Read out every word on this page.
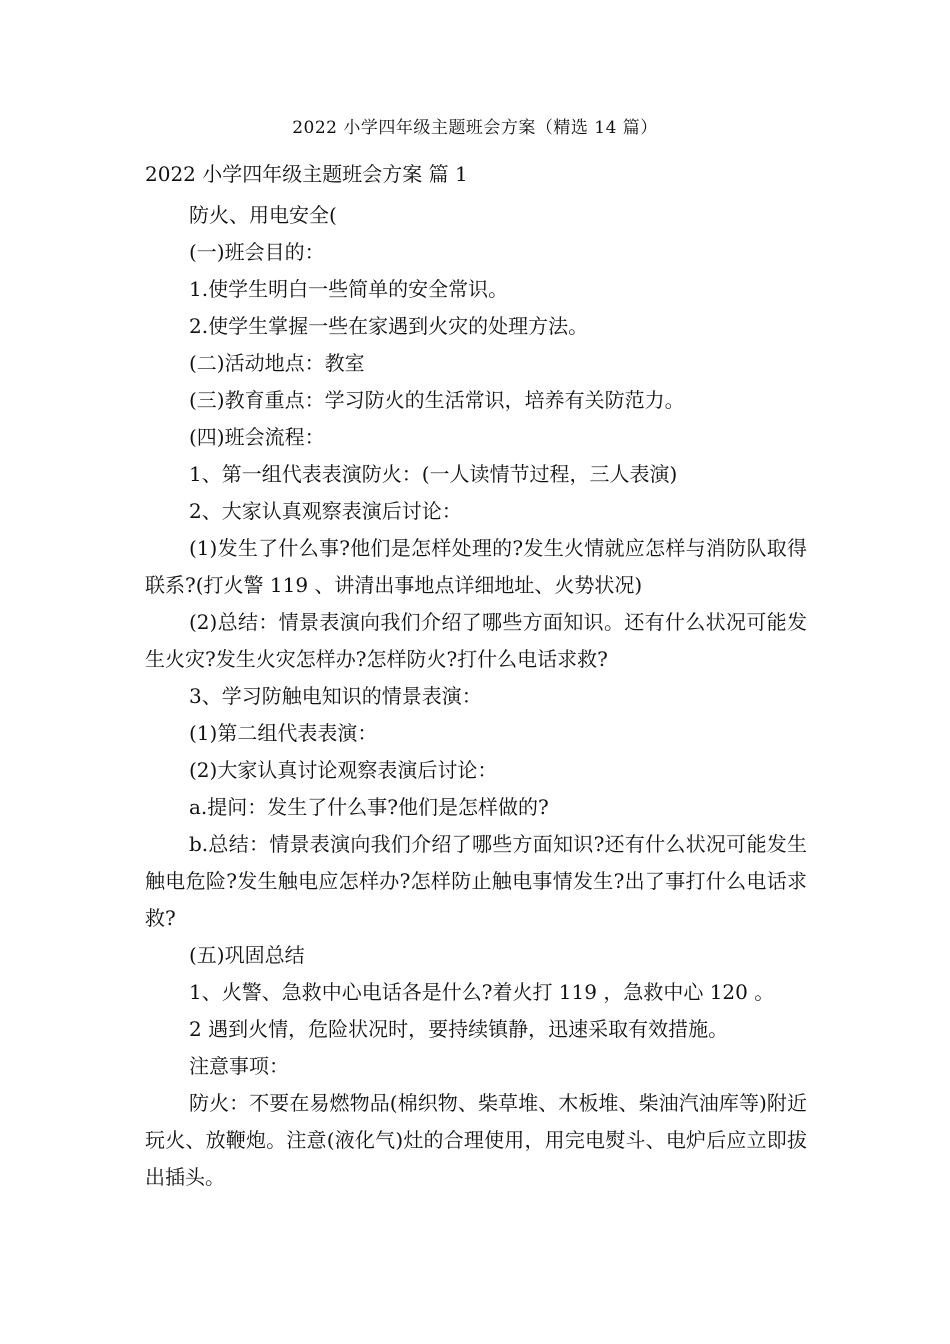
2022 小学四年级主题班会方案（精选 14 篇）
2022 小学四年级主题班会方案 篇 1

防火、用电安全(

(一)班会目的：

1.使学生明白一些简单的安全常识。

2.使学生掌握一些在家遇到火灾的处理方法。

(二)活动地点：教室

(三)教育重点：学习防火的生活常识，培养有关防范力。

(四)班会流程：

1、第一组代表表演防火：(一人读情节过程，三人表演)

2、大家认真观察表演后讨论：

(1)发生了什么事?他们是怎样处理的?发生火情就应怎样与消防队取得联系?(打火警 119 、讲清出事地点详细地址、火势状况)

(2)总结：情景表演向我们介绍了哪些方面知识。还有什么状况可能发生火灾?发生火灾怎样办?怎样防火?打什么电话求救?

3、学习防触电知识的情景表演：

(1)第二组代表表演：

(2)大家认真讨论观察表演后讨论：

a.提问：发生了什么事?他们是怎样做的?

b.总结：情景表演向我们介绍了哪些方面知识?还有什么状况可能发生触电危险?发生触电应怎样办?怎样防止触电事情发生?出了事打什么电话求救?

(五)巩固总结

1、火警、急救中心电话各是什么?着火打 119 ，急救中心 120 。

2 遇到火情，危险状况时，要持续镇静，迅速采取有效措施。

注意事项：

防火：不要在易燃物品(棉织物、柴草堆、木板堆、柴油汽油库等)附近玩火、放鞭炮。注意(液化气)灶的合理使用，用完电熨斗、电炉后应立即拔出插头。
